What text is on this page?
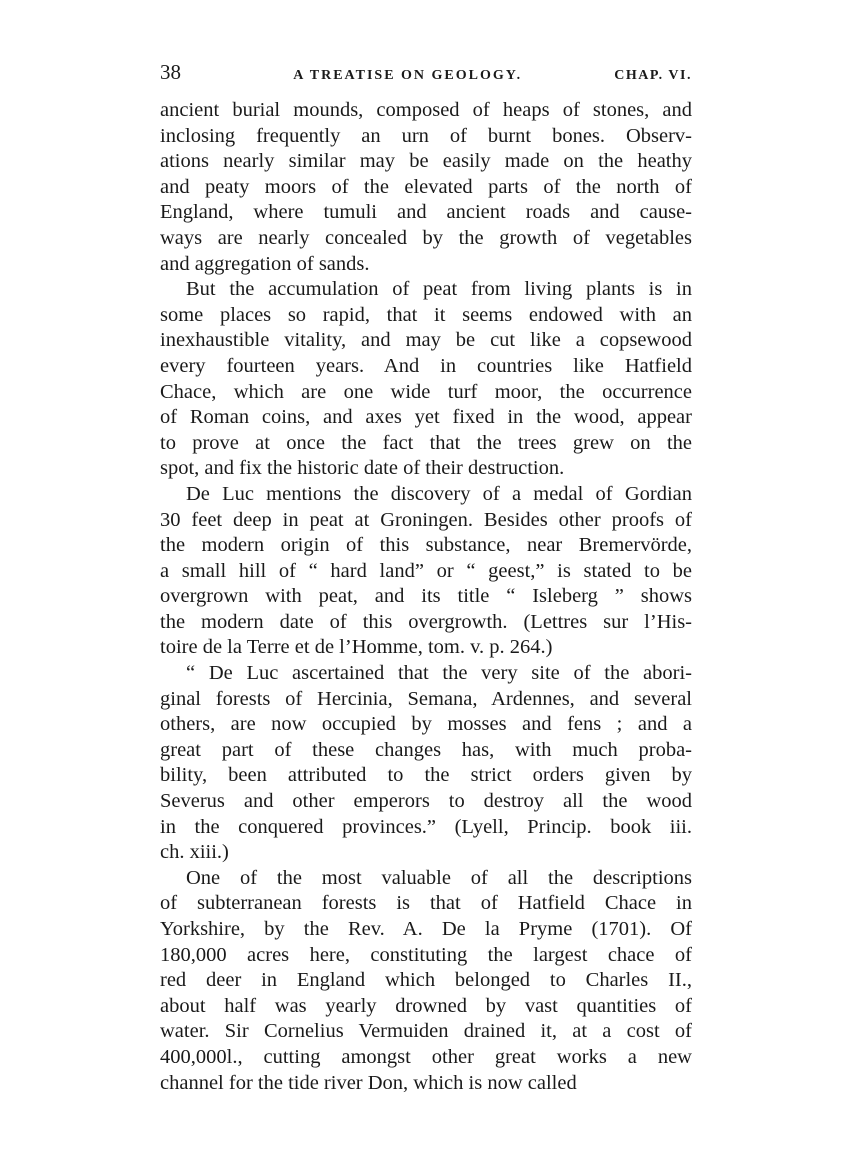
38	A TREATISE ON GEOLOGY.	CHAP. VI.
ancient burial mounds, composed of heaps of stones, and
inclosing frequently an urn of burnt bones. Observ-
ations nearly similar may be easily made on the heathy
and peaty moors of the elevated parts of the north of
England, where tumuli and ancient roads and cause-
ways are nearly concealed by the growth of vegetables
and aggregation of sands.
But the accumulation of peat from living plants is in
some places so rapid, that it seems endowed with an
inexhaustible vitality, and may be cut like a copsewood
every fourteen years. And in countries like Hatfield
Chace, which are one wide turf moor, the occurrence
of Roman coins, and axes yet fixed in the wood, appear
to prove at once the fact that the trees grew on the
spot, and fix the historic date of their destruction.
De Luc mentions the discovery of a medal of Gordian
30 feet deep in peat at Groningen. Besides other proofs of
the modern origin of this substance, near Bremervörde,
a small hill of “ hard land” or “ geest,” is stated to be
overgrown with peat, and its title “ Isleberg ” shows
the modern date of this overgrowth. (Lettres sur l’His-
toire de la Terre et de l’Homme, tom. v. p. 264.)
“ De Luc ascertained that the very site of the abori-
ginal forests of Hercinia, Semana, Ardennes, and several
others, are now occupied by mosses and fens ; and a
great part of these changes has, with much proba-
bility, been attributed to the strict orders given by
Severus and other emperors to destroy all the wood
in the conquered provinces.” (Lyell, Princip. book iii.
ch. xiii.)
One of the most valuable of all the descriptions
of subterranean forests is that of Hatfield Chace in
Yorkshire, by the Rev. A. De la Pryme (1701). Of
180,000 acres here, constituting the largest chace of
red deer in England which belonged to Charles II.,
about half was yearly drowned by vast quantities of
water. Sir Cornelius Vermuiden drained it, at a cost of
400,000l., cutting amongst other great works a new
channel for the tide river Don, which is now called
